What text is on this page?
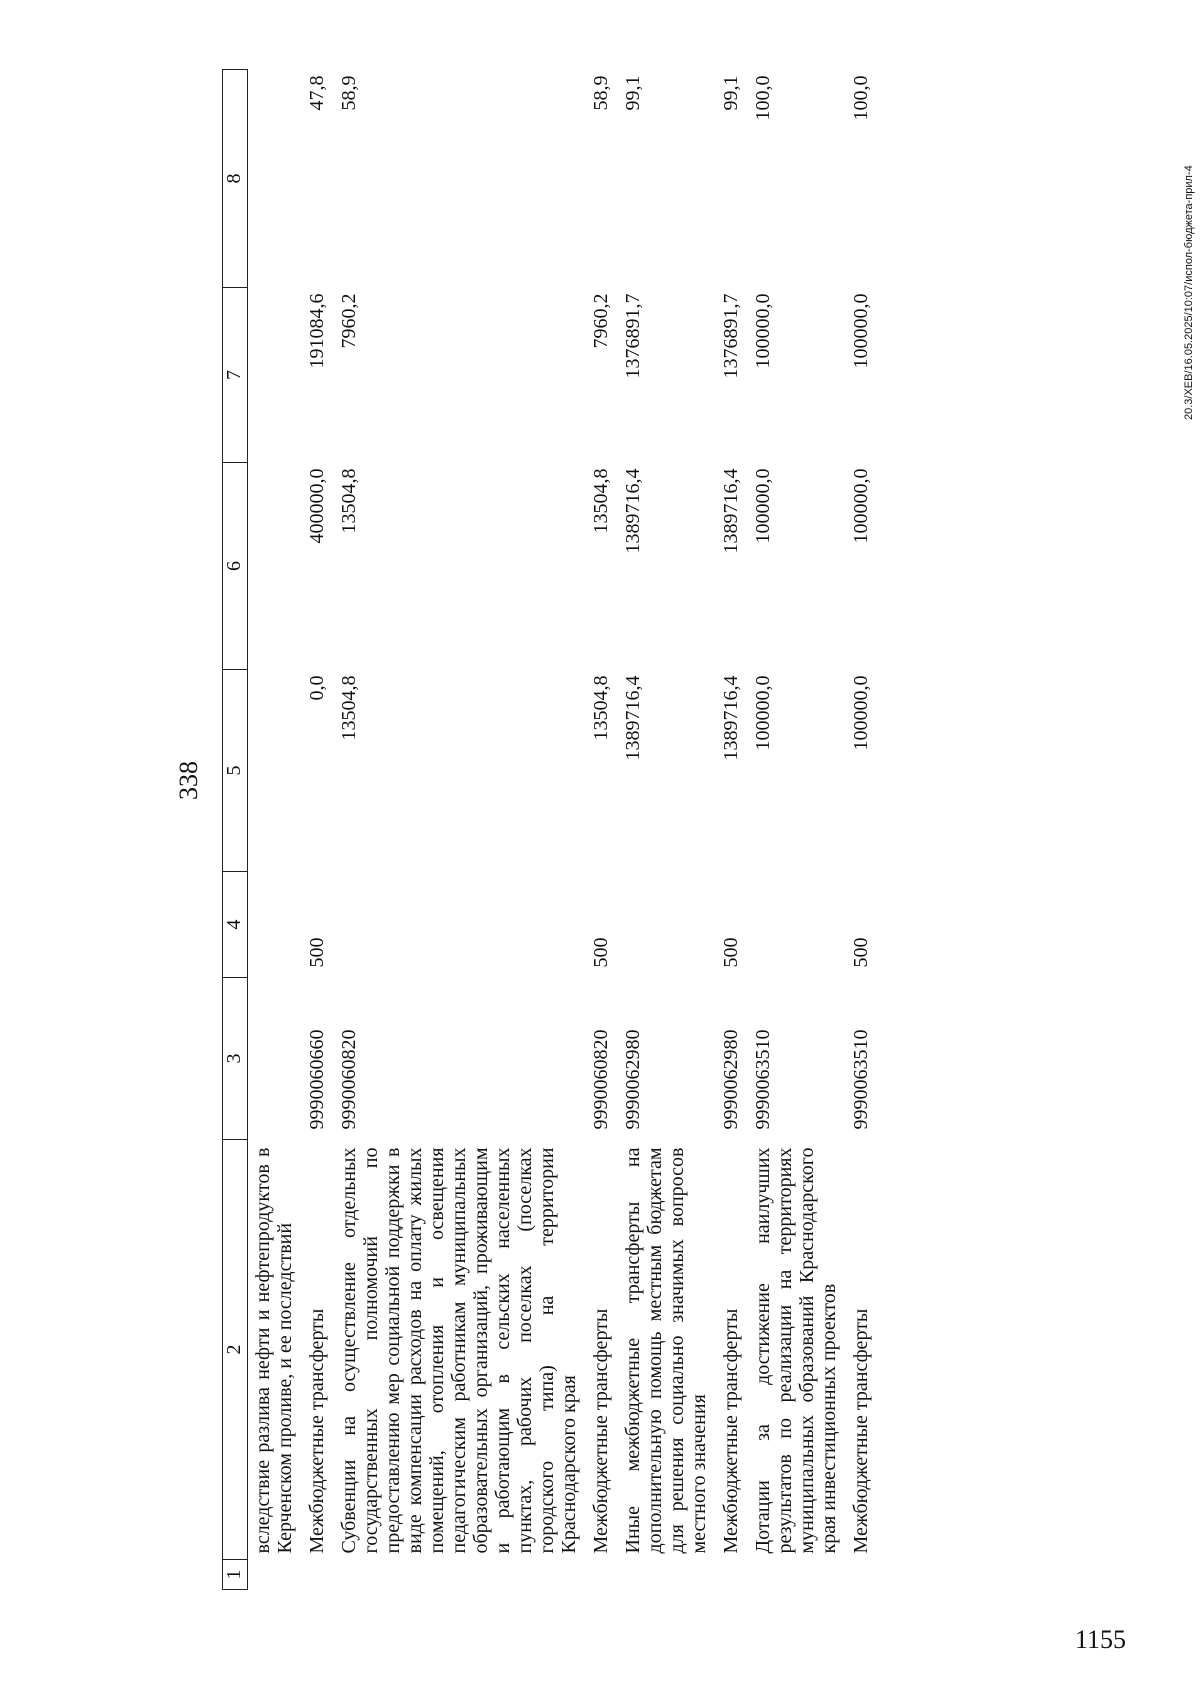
338
1	2	3	4	5	6	7	8
	вследствие разлива нефти и нефтепродуктов в Керченском проливе, и ее последствий						
	Межбюджетные трансферты	9990060660	500	0,0	400000,0	191084,6	47,8
	Субвенции на осуществление отдельных государственных полномочий по предоставлению мер социальной поддержки в виде компенсации расходов на оплату жилых помещений, отопления и освещения педагогическим работникам муниципальных образовательных организаций, проживающим и работающим в сельских населенных пунктах, рабочих поселках (поселках городского типа) на территории Краснодарского края	9990060820		13504,8	13504,8	7960,2	58,9
	Межбюджетные трансферты	9990060820	500	13504,8	13504,8	7960,2	58,9
	Иные межбюджетные трансферты на дополнительную помощь местным бюджетам для решения социально значимых вопросов местного значения	9990062980		1389716,4	1389716,4	1376891,7	99,1
	Межбюджетные трансферты	9990062980	500	1389716,4	1389716,4	1376891,7	99,1
	Дотации за достижение наилучших результатов по реализации на территориях муниципальных образований Краснодарского края инвестиционных проектов	9990063510		100000,0	100000,0	100000,0	100,0
	Межбюджетные трансферты	9990063510	500	100000,0	100000,0	100000,0	100,0
20.3/ХЕВ/16.05.2025/10:07/испол-бюджета-прил-4
1155
